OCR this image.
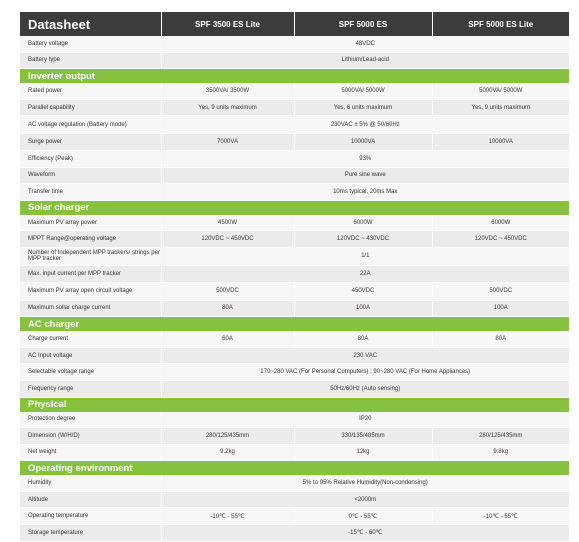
Datasheet	SPF 3500 ES Lite	SPF 5000 ES	SPF 5000 ES Lite
Battery voltage	48VDC		
Battery type	Lithium/Lead-acid		
Inverter output			
Rated power	3500VA/ 3500W	5000VA/ 5000W	5000VA/ 5000W
Parallel capability	Yes, 9 units maximum	Yes, 6 units maximum	Yes, 9 units maximum
AC voltage regulation (Battery mode)	230VAC ± 5% @ 50/60Hz		
Surge power	7000VA	10000VA	10000VA
Efficiency (Peak)	93%		
Waveform	Pure sine wave		
Transfer time	10ms typical, 20ms Max		
Solar charger			
Maximum PV array power	4500W	6000W	6000W
MPPT Range@operating voltage	120VDC ~ 450VDC	120VDC ~ 430VDC	120VDC ~ 450VDC
Number of Independent MPP trackers/ strings per MPP tracker	1/1		
Max. input current per MPP tracker	22A		
Maximum PV array open circuit voltage	500VDC	450VDC	500VDC
Maximum sollar charge current	80A	100A	100A
AC charger			
Charge current	60A	80A	80A
AC Input voltage	230 VAC		
Selectable voltage range	170~280 VAC (For Personal Computers) ; 90~280 VAC (For Home Appliances)		
Frequency range	50Hz/60Hz (Auto sensing)		
Physical			
Protection degree	IP20		
Dimension (W/H/D)	280/125/435mm	330/135/485mm	280/125/435mm
Net weight	9.2kg	12kg	9.8kg
Operating environment			
Humidity	5% to 95% Relative Humidity(Non-condensing)		
Altitude	<2000m		
Operating temperature	-10℃ - 55℃	0℃ - 55℃	-10℃ - 55℃
Storage temperature	-15℃ - 60℃		
